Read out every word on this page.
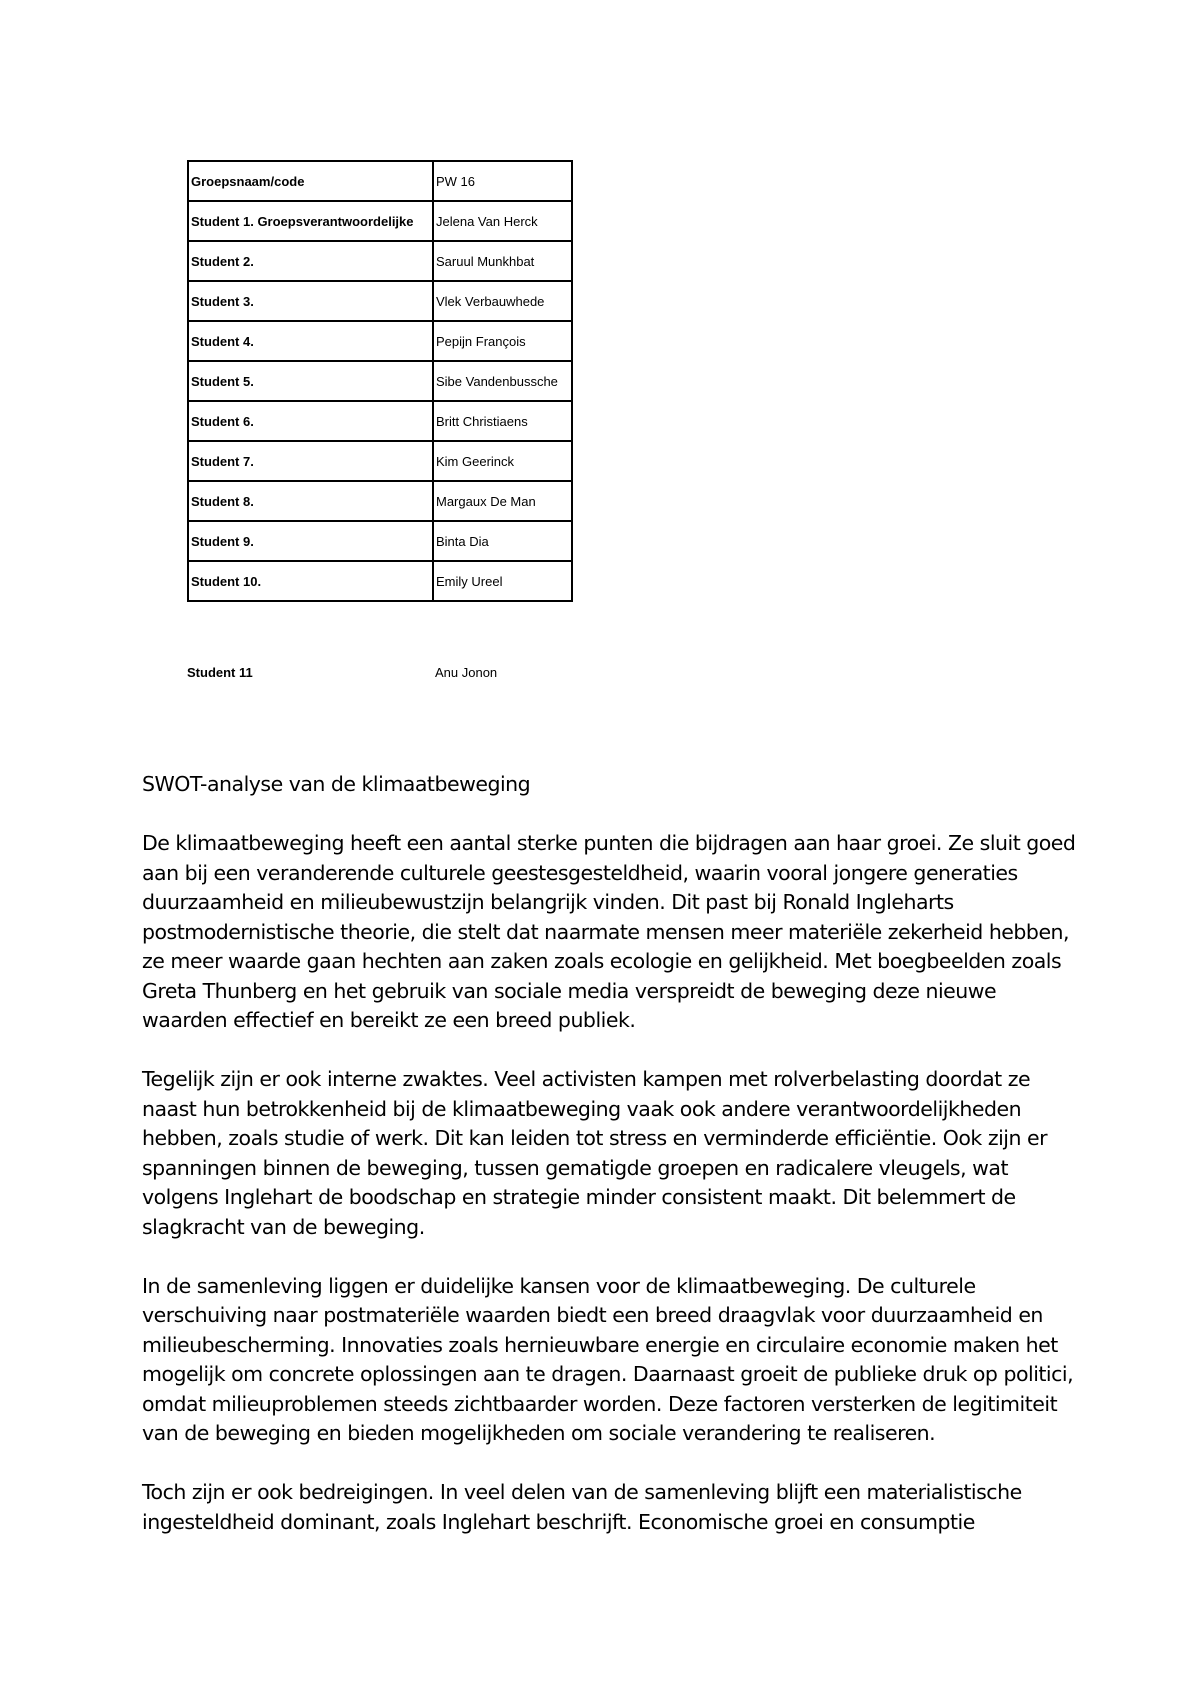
Groepsnaam/code	PW 16

Student 1. Groepsverantwoordelijke	Jelena Van Herck

Student 2.	Saruul Munkhbat

Student 3.	Vlek Verbauwhede

Student 4.	Pepijn François

Student 5.	Sibe Vandenbussche

Student 6.	Britt Christiaens

Student 7.	Kim Geerinck

Student 8.	Margaux De Man

Student 9.	Binta Dia

Student 10.	Emily Ureel
Student 11	Anu Jonon
SWOT-analyse van de klimaatbeweging

De klimaatbeweging heeft een aantal sterke punten die bijdragen aan haar groei. Ze sluit goed aan bij een veranderende culturele geestesgesteldheid, waarin vooral jongere generaties duurzaamheid en milieubewustzijn belangrijk vinden. Dit past bij Ronald Ingleharts postmodernistische theorie, die stelt dat naarmate mensen meer materiële zekerheid hebben, ze meer waarde gaan hechten aan zaken zoals ecologie en gelijkheid. Met boegbeelden zoals Greta Thunberg en het gebruik van sociale media verspreidt de beweging deze nieuwe waarden effectief en bereikt ze een breed publiek.

Tegelijk zijn er ook interne zwaktes. Veel activisten kampen met rolverbelasting doordat ze naast hun betrokkenheid bij de klimaatbeweging vaak ook andere verantwoordelijkheden hebben, zoals studie of werk. Dit kan leiden tot stress en verminderde efficiëntie. Ook zijn er spanningen binnen de beweging, tussen gematigde groepen en radicalere vleugels, wat volgens Inglehart de boodschap en strategie minder consistent maakt. Dit belemmert de slagkracht van de beweging.

In de samenleving liggen er duidelijke kansen voor de klimaatbeweging. De culturele verschuiving naar postmateriële waarden biedt een breed draagvlak voor duurzaamheid en milieubescherming. Innovaties zoals hernieuwbare energie en circulaire economie maken het mogelijk om concrete oplossingen aan te dragen. Daarnaast groeit de publieke druk op politici, omdat milieuproblemen steeds zichtbaarder worden. Deze factoren versterken de legitimiteit van de beweging en bieden mogelijkheden om sociale verandering te realiseren.

Toch zijn er ook bedreigingen. In veel delen van de samenleving blijft een materialistische ingesteldheid dominant, zoals Inglehart beschrijft. Economische groei en consumptie
